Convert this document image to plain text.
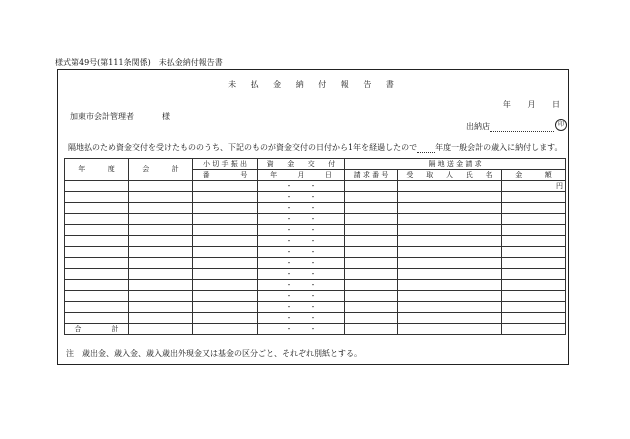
様式第49号(第111条関係)　未払金納付報告書
未 払 金 納 付 報 告 書
年 月 日
加東市会計管理者	様
出納店	印
隔地払のため資金交付を受けたもののうち、下記のものが資金交付の日付から1年を経過したので 年度一般会計の歳入に納付します。
年 度	会 計	小 切 手 振 出	資 金 交 付	隔 地 送 金 請 求		

		番 号	年 月 日	請 求 番 号	受 取 人 氏 名	金 額

			・ ・			円

			・ ・			

			・ ・			

			・ ・			

			・ ・			

			・ ・			

			・ ・			

			・ ・			

			・ ・			

			・ ・			

			・ ・			

			・ ・			

			・ ・			

合 計			・ ・			

注　歳出金、歳入金、歳入歳出外現金又は基金の区分ごと、それぞれ別紙とする。
